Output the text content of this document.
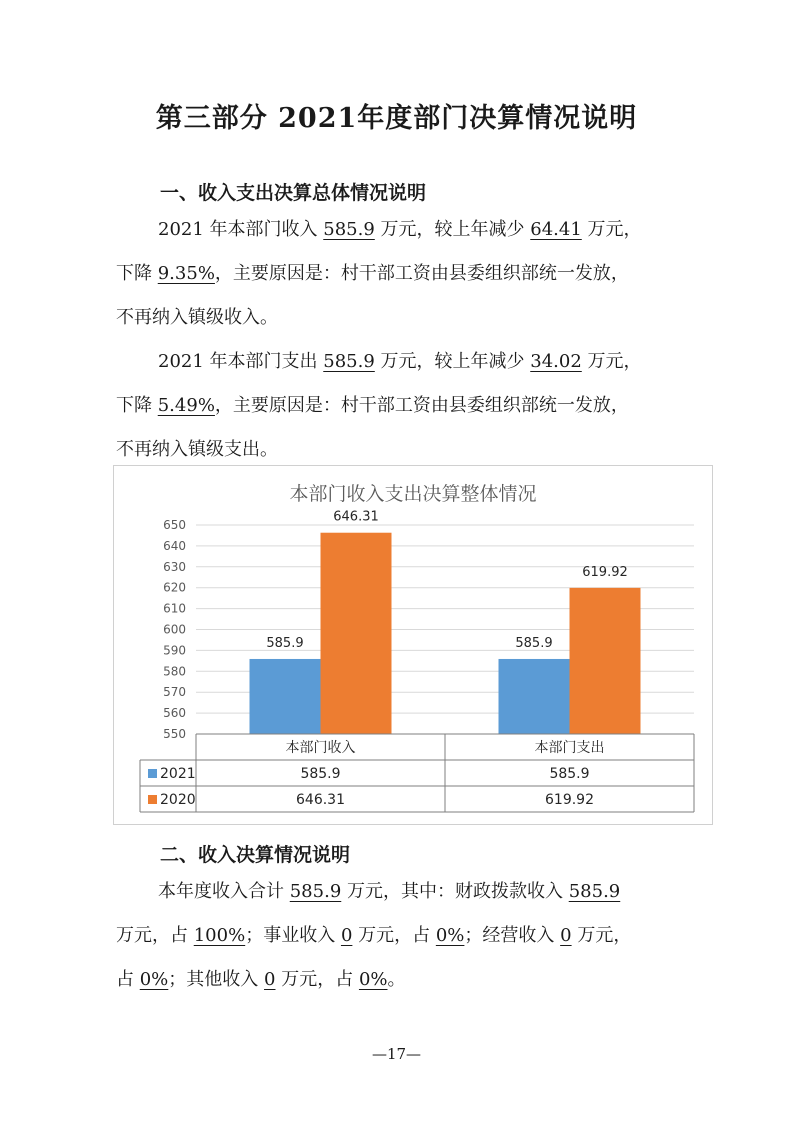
第三部分 2021年度部门决算情况说明
一、收入支出决算总体情况说明
2021 年本部门收入 585.9 万元，较上年减少 64.41 万元，
下降 9.35%，主要原因是：村干部工资由县委组织部统一发放，
不再纳入镇级收入。
2021 年本部门支出 585.9 万元，较上年减少 34.02 万元，
下降 5.49%，主要原因是：村干部工资由县委组织部统一发放，
不再纳入镇级支出。
本部门收入支出决算整体情况
550
560
570
580
590
600
610
620
630
640
650
585.9	585.9
646.31
619.92
本部门收入	本部门支出
2021	585.9	585.9
2020	646.31	619.92
二、收入决算情况说明
本年度收入合计 585.9 万元，其中：财政拨款收入 585.9
万元，占 100%；事业收入 0 万元，占 0%；经营收入 0 万元，
占 0%；其他收入 0 万元，占 0%。
—17—
